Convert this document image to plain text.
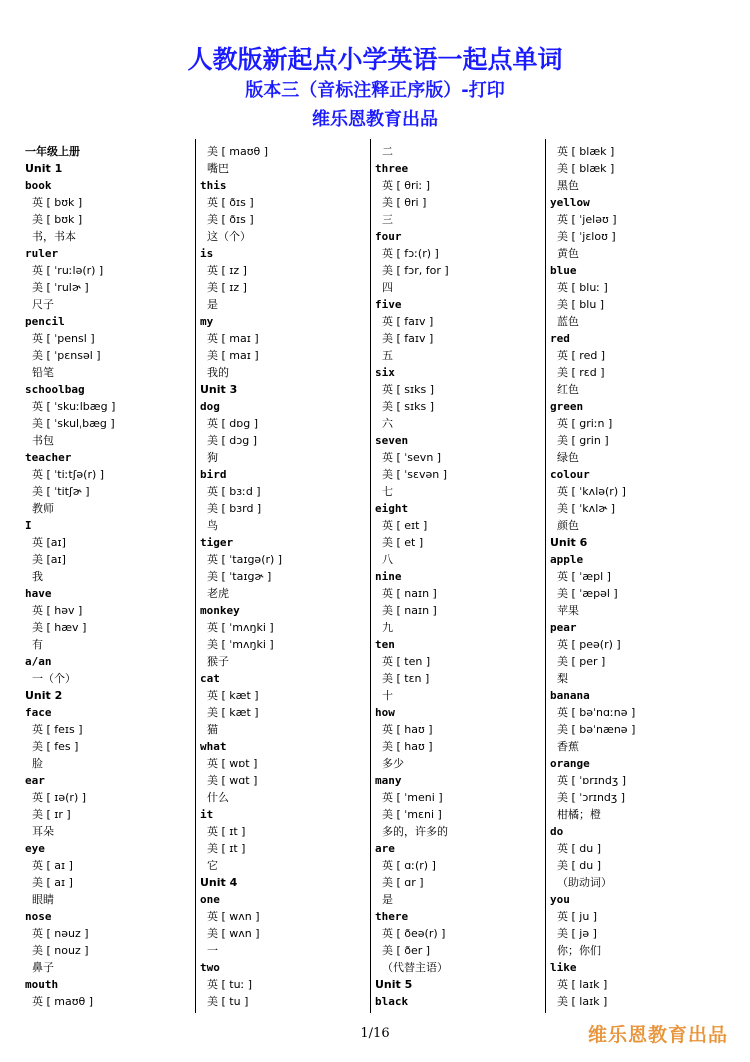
人教版新起点小学英语一起点单词
版本三（音标注释正序版）-打印
维乐恩教育出品
一年级上册
Unit 1
book
英 [ bʊk ]
美 [ bʊk ]
书，书本
ruler
英 [ ˈruːlə(r) ]
美 [ ˈrulɚ ]
尺子
pencil
英 [ ˈpensl ]
美 [ ˈpɛnsəl ]
铅笔
schoolbag
英 [ ˈskuːlbæg ]
美 [ ˈskulˌbæg ]
书包
teacher
英 [ ˈtiːtʃə(r) ]
美 [ ˈtitʃɚ ]
教师
I
英 [aɪ]
美 [aɪ]
我
have
英 [ həv ]
美 [ hæv ]
有
a/an
一（个）
Unit 2
face
英 [ feɪs ]
美 [ fes ]
脸
ear
英 [ ɪə(r) ]
美 [ ɪr ]
耳朵
eye
英 [ aɪ ]
美 [ aɪ ]
眼睛
nose
英 [ nəuz ]
美 [ nouz ]
鼻子
mouth
英 [ maʊθ ]
美 [ maʊθ ]
嘴巴
this
英 [ ðɪs ]
美 [ ðɪs ]
这（个）
is
英 [ ɪz ]
美 [ ɪz ]
是
my
英 [ maɪ ]
美 [ maɪ ]
我的
Unit 3
dog
英 [ dɒg ]
美 [ dɔg ]
狗
bird
英 [ bɜːd ]
美 [ bɜrd ]
鸟
tiger
英 [ ˈtaɪgə(r) ]
美 [ ˈtaɪgɚ ]
老虎
monkey
英 [ ˈmʌŋki ]
美 [ ˈmʌŋki ]
猴子
cat
英 [ kæt ]
美 [ kæt ]
猫
what
英 [ wɒt ]
美 [ wɑt ]
什么
it
英 [ ɪt ]
美 [ ɪt ]
它
Unit 4
one
英 [ wʌn ]
美 [ wʌn ]
一
two
英 [ tuː ]
美 [ tu ]
二
three
英 [ θriː ]
美 [ θri ]
三
four
英 [ fɔː(r) ]
美 [ fɔr, for ]
四
five
英 [ faɪv ]
美 [ faɪv ]
五
six
英 [ sɪks ]
美 [ sɪks ]
六
seven
英 [ ˈsevn ]
美 [ ˈsɛvən ]
七
eight
英 [ eɪt ]
美 [ et ]
八
nine
英 [ naɪn ]
美 [ naɪn ]
九
ten
英 [ ten ]
美 [ tɛn ]
十
how
英 [ haʊ ]
美 [ haʊ ]
多少
many
英 [ ˈmeni ]
美 [ ˈmɛni ]
多的，许多的
are
英 [ ɑː(r) ]
美 [ ɑr ]
是
there
英 [ ðeə(r) ]
美 [ ðer ]
（代替主语）
Unit 5
black
英 [ blæk ]
美 [ blæk ]
黑色
yellow
英 [ ˈjeləʊ ]
美 [ ˈjɛloʊ ]
黄色
blue
英 [ bluː ]
美 [ blu ]
蓝色
red
英 [ red ]
美 [ rɛd ]
红色
green
英 [ griːn ]
美 [ grin ]
绿色
colour
英 [ ˈkʌlə(r) ]
美 [ ˈkʌlɚ ]
颜色
Unit 6
apple
英 [ ˈæpl ]
美 [ ˈæpəl ]
苹果
pear
英 [ peə(r) ]
美 [ per ]
梨
banana
英 [ bəˈnɑːnə ]
美 [ bəˈnænə ]
香蕉
orange
英 [ ˈɒrɪndʒ ]
美 [ ˈɔrɪndʒ ]
柑橘；橙
do
英 [ du ]
美 [ du ]
（助动词）
you
英 [ ju ]
美 [ jə ]
你；你们
like
英 [ laɪk ]
美 [ laɪk ]
1/16	维乐恩教育出品
